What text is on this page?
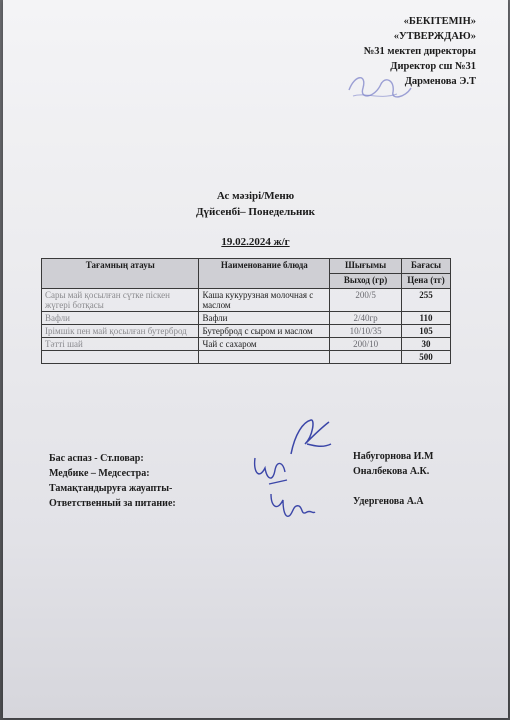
«БЕКІТЕМІН»
«УТВЕРЖДАЮ»
№31 мектеп директоры
Директор сш №31
Дарменова Э.Т
Ас мәзірі/Меню
Дүйсенбі– Понедельник
19.02.2024 ж/г
Тағамның атауы	Наименование блюда	Шығымы	Бағасы
		Выход (гр)	Цена (тг)
Сары май қосылған сүтке піскен жүгері ботқасы	Каша кукурузная молочная с маслом	200/5	255
Вафли	Вафли	2/40гр	110
Ірімшік пен май қосылған бутерброд	Бутерброд с сыром и маслом	10/10/35	105
Тәтті шай	Чай с сахаром	200/10	30
			500
Бас аспаз - Ст.повар:
Медбике – Медсестра:
Тамақтандыруға жауапты-
Ответственный за питание:
Набугорнова И.М
Оналбекова А.К.
Удергенова А.А
